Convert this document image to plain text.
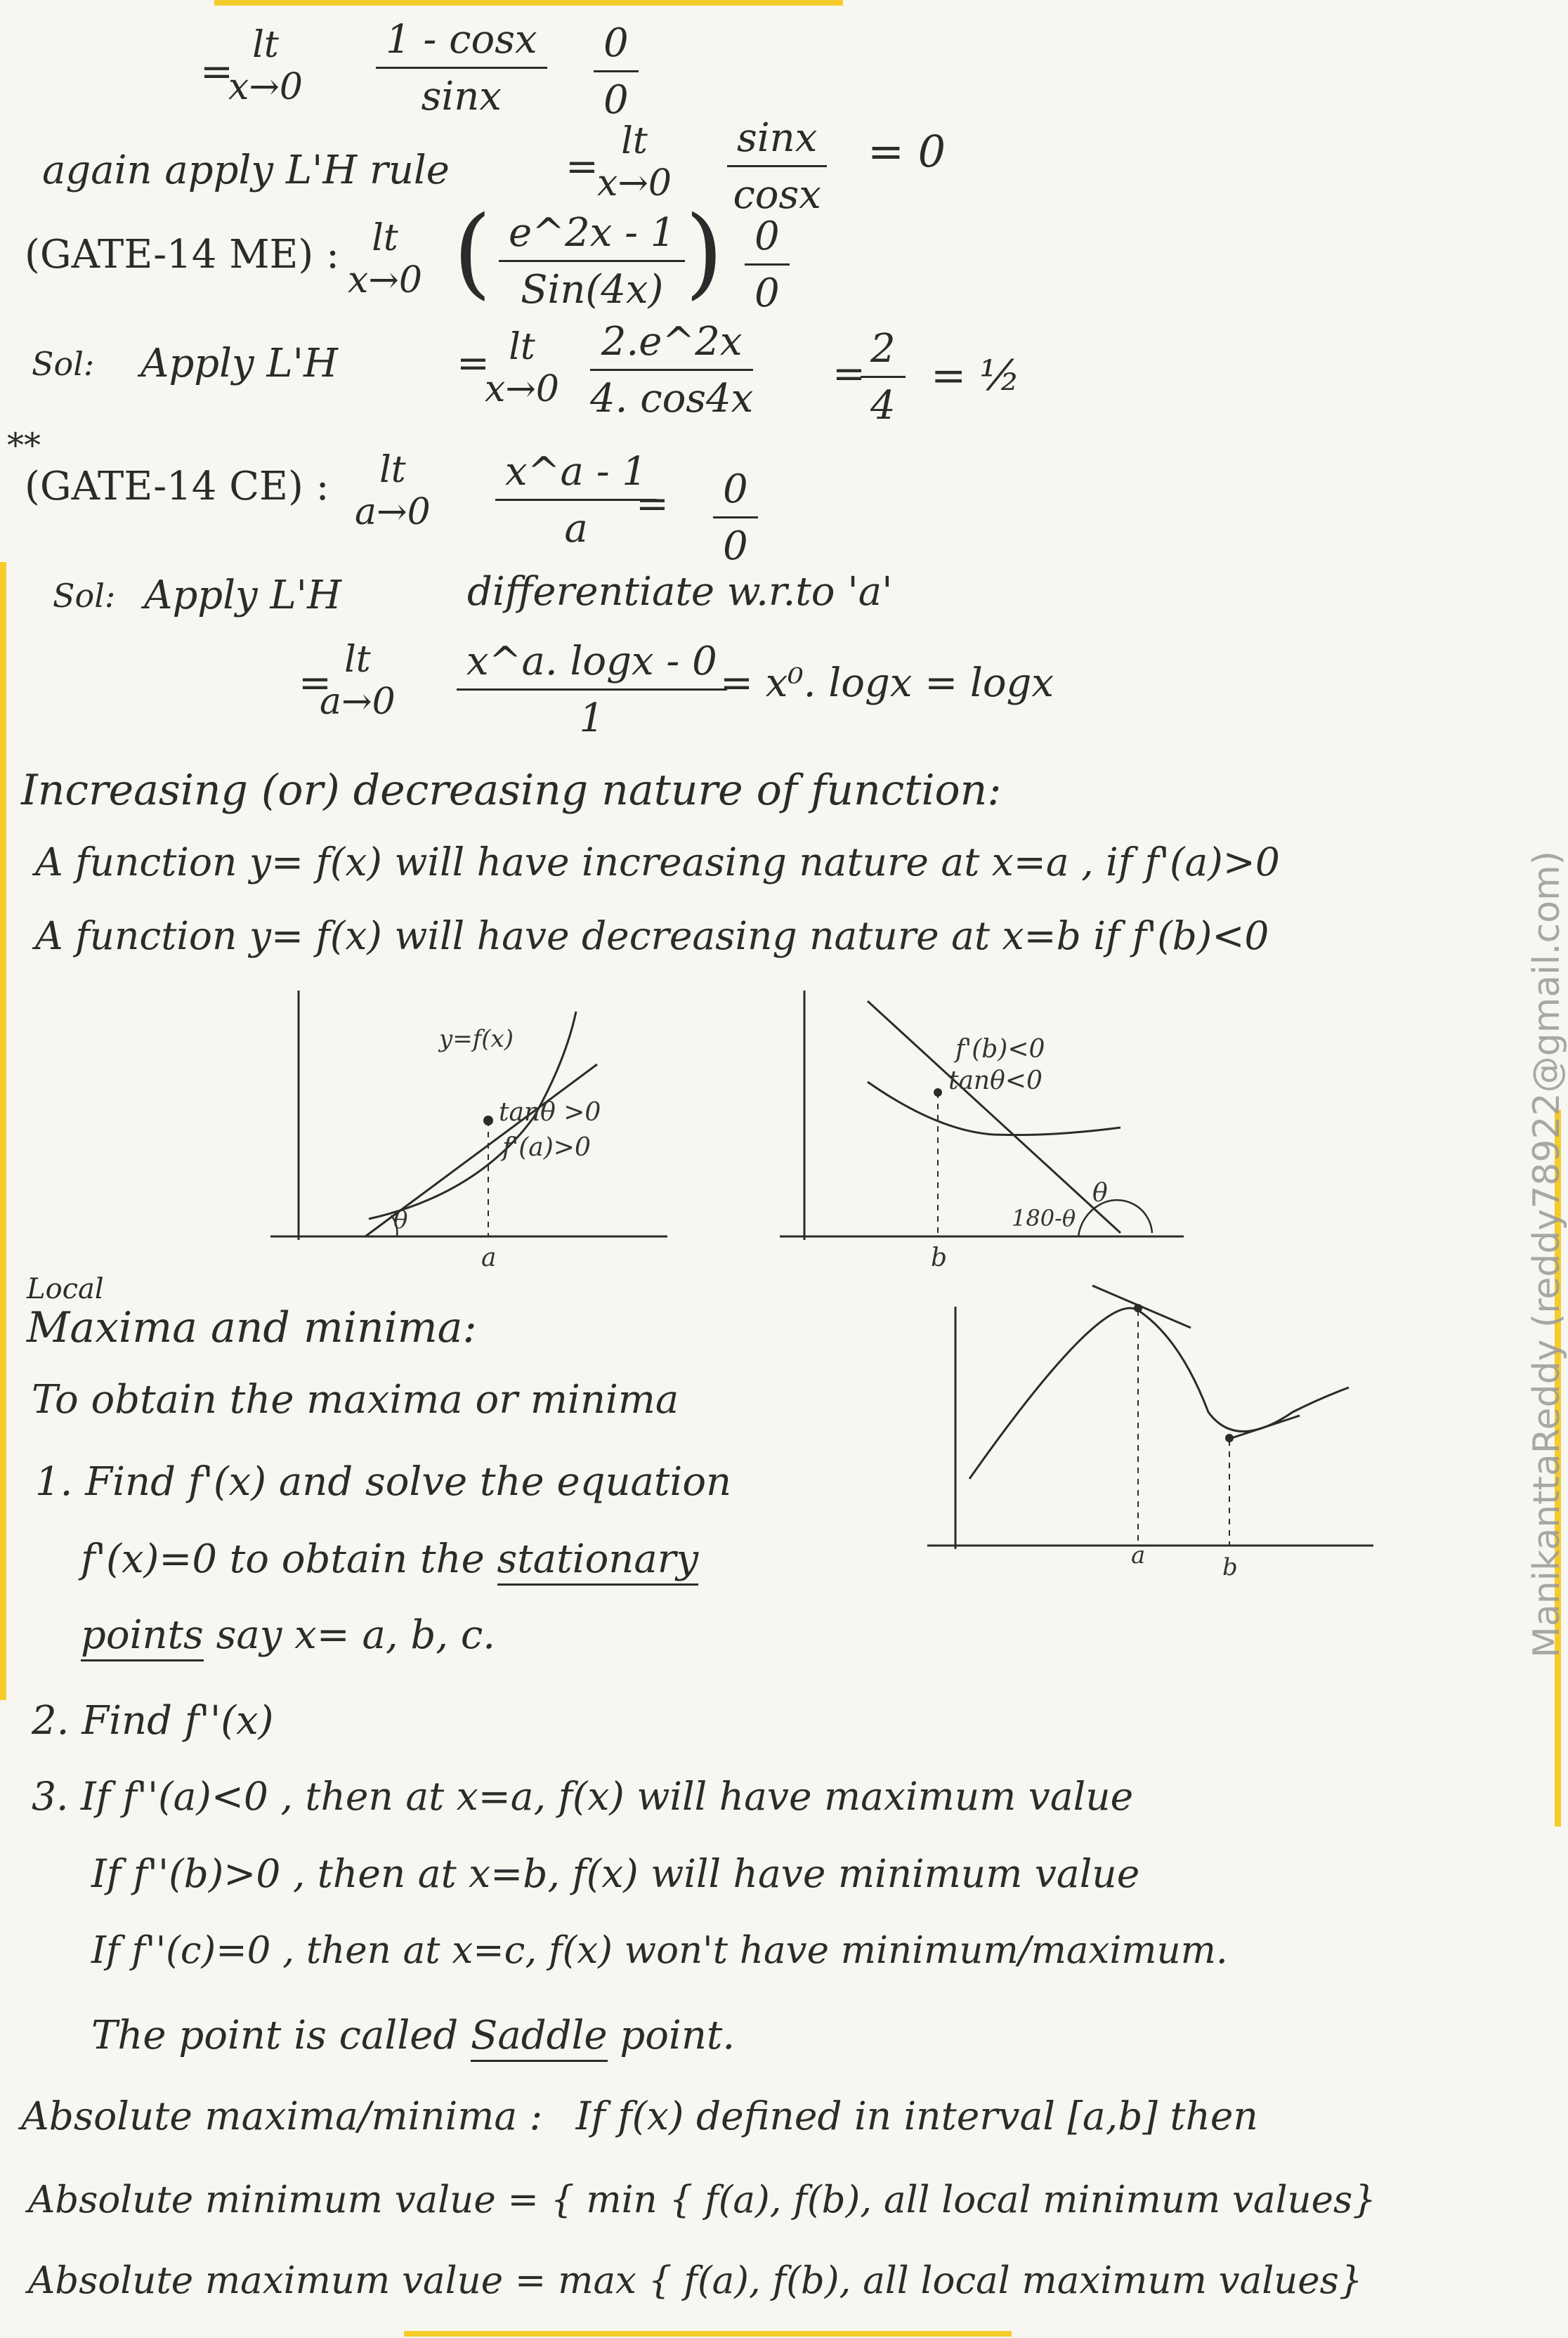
=
lt
$x\to 0 \frac{1 - \cos x}{\sin x} \frac{0}{0}$
again apply L'H rule	=
lt
$x\to 0 \frac{\sin x}{\cos x} = 0$
(GATE-14 ME) : lt
x→0 ( e^2x - 1
Sin(4x) ) $\frac{0}{0}$
Sol: Apply L'H	= lt
$x\to 0 \frac{2.e\^{}2x}{4. \cos 4x}$ =
$\frac{2}{4}$ = ½
**
(GATE-14 CE) :	lt
$a\to 0 \frac{x\^{}a - 1}{a}$
= $\frac{0}{0}$
Sol: Apply L'H	differentiate w.r.to 'a'
=
lt
$a\to 0 \frac{x\^{}a. \log x - 0}{1}$
= x⁰. logx = logx
Increasing (or) decreasing nature of function:
A function y= f(x) will have increasing nature at x=a , if f'(a)>0
A function y= f(x) will have decreasing nature at x=b if f'(b)<0
y=f(x)
tanθ >0
f'(a)>0
θ
a
f'(b)<0
tanθ<0
180-θ
θ
b
Local
Maxima and minima:
To obtain the maxima or minima
1. Find f'(x) and solve the equation
f'(x)=0 to obtain the stationary
points say x= a, b, c.
a	b
2. Find f''(x)
3. If f''(a)<0 , then at x=a, f(x) will have maximum value
If f''(b)>0 , then at x=b, f(x) will have minimum value
If f''(c)=0 , then at x=c, f(x) won't have minimum/maximum.
The point is called Saddle point.
Absolute maxima/minima : If f(x) defined in interval [a,b] then
Absolute minimum value = { min { f(a), f(b), all local minimum values}
Absolute maximum value = max { f(a), f(b), all local maximum values}
ManikanttaReddy (reddy78922@gmail.com)
